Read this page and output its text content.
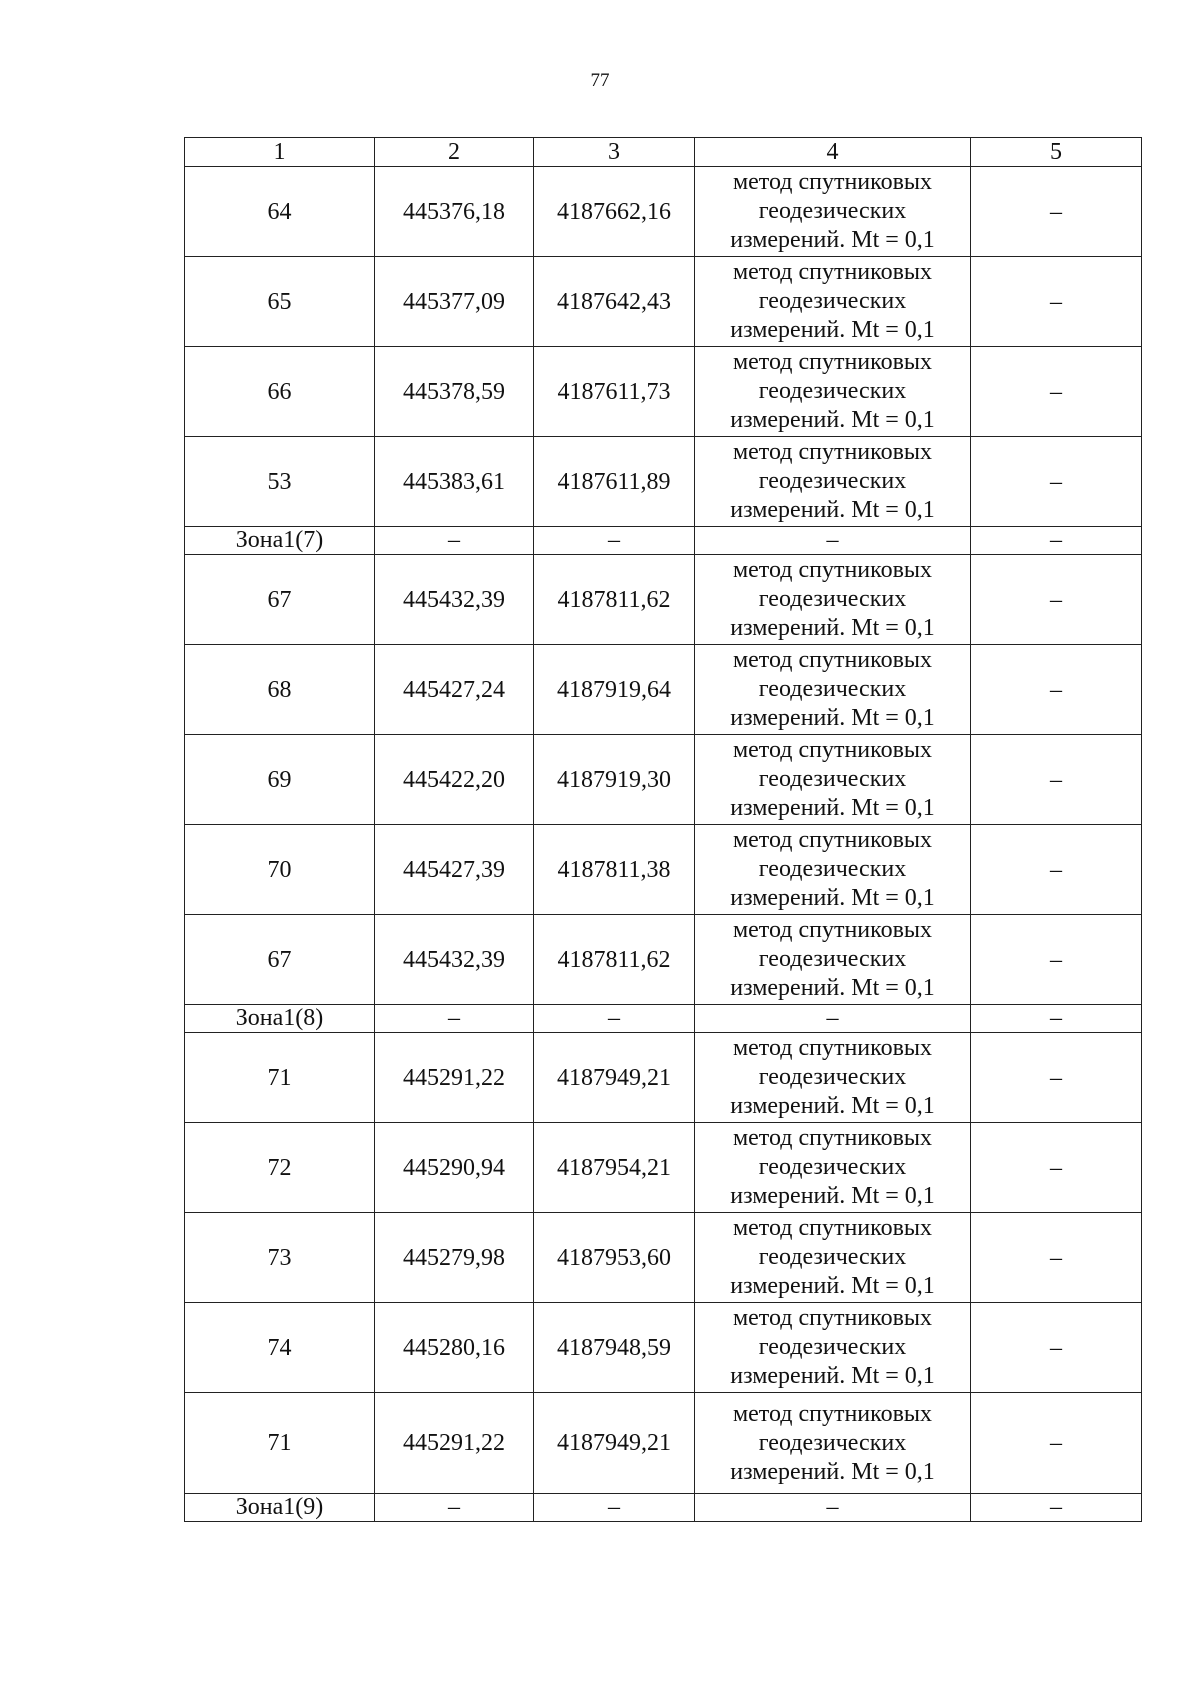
77
1	2	3	4	5
64	445376,18	4187662,16	метод спутниковых
геодезических
измерений. Mt = 0,1	–
65	445377,09	4187642,43	метод спутниковых
геодезических
измерений. Mt = 0,1	–
66	445378,59	4187611,73	метод спутниковых
геодезических
измерений. Mt = 0,1	–
53	445383,61	4187611,89	метод спутниковых
геодезических
измерений. Mt = 0,1	–
Зона1(7)	–	–	–	–
67	445432,39	4187811,62	метод спутниковых
геодезических
измерений. Mt = 0,1	–
68	445427,24	4187919,64	метод спутниковых
геодезических
измерений. Mt = 0,1	–
69	445422,20	4187919,30	метод спутниковых
геодезических
измерений. Mt = 0,1	–
70	445427,39	4187811,38	метод спутниковых
геодезических
измерений. Mt = 0,1	–
67	445432,39	4187811,62	метод спутниковых
геодезических
измерений. Mt = 0,1	–
Зона1(8)	–	–	–	–
71	445291,22	4187949,21	метод спутниковых
геодезических
измерений. Mt = 0,1	–
72	445290,94	4187954,21	метод спутниковых
геодезических
измерений. Mt = 0,1	–
73	445279,98	4187953,60	метод спутниковых
геодезических
измерений. Mt = 0,1	–
74	445280,16	4187948,59	метод спутниковых
геодезических
измерений. Mt = 0,1	–
71	445291,22	4187949,21	метод спутниковых
геодезических
измерений. Mt = 0,1	–
Зона1(9)	–	–	–	–
